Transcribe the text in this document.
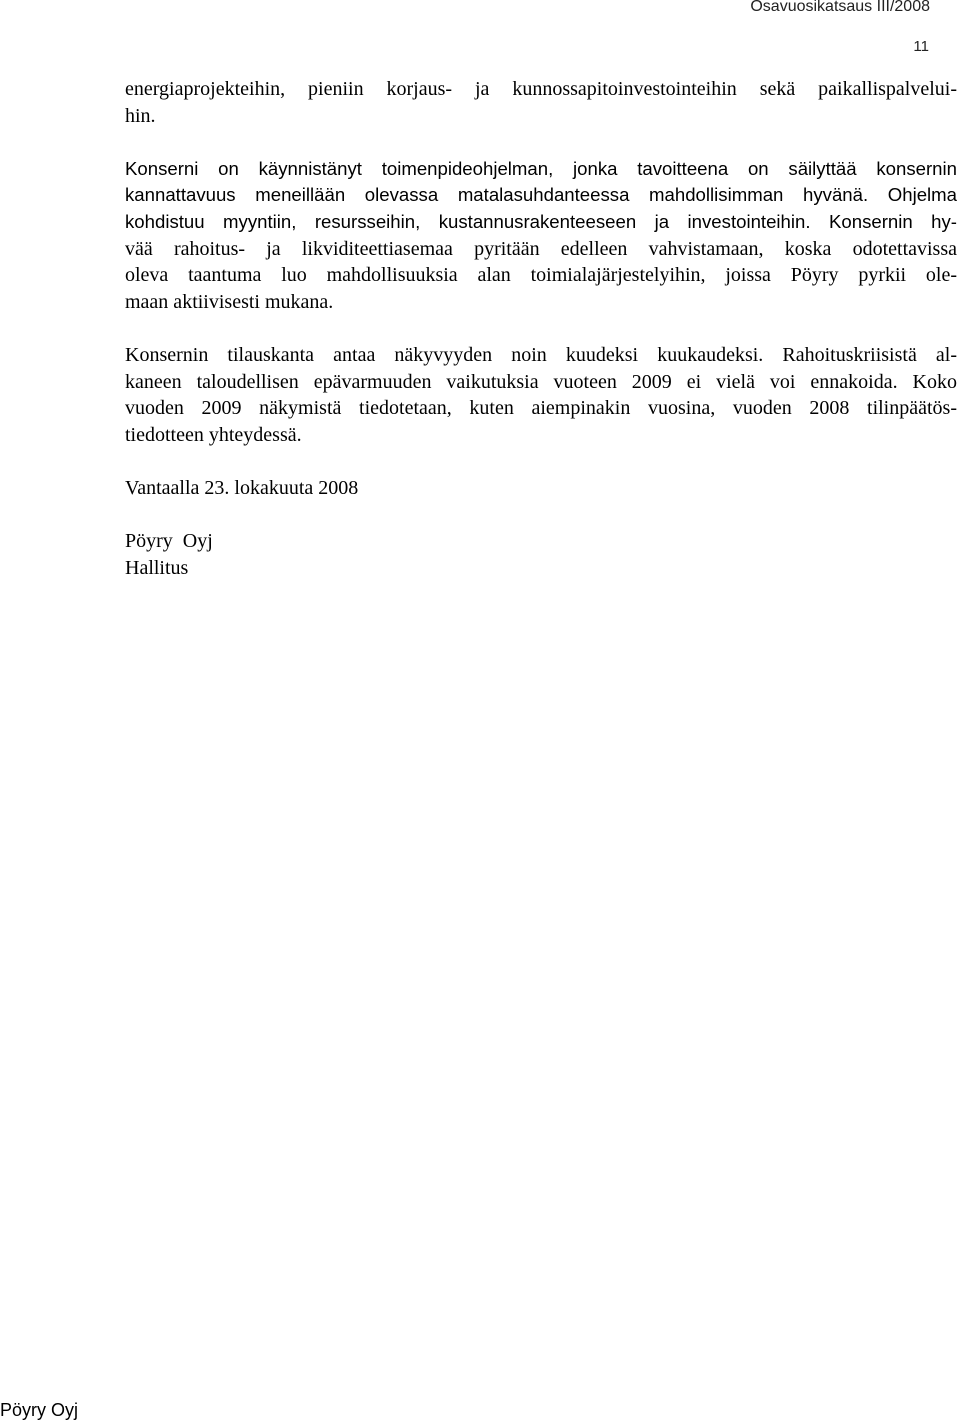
Osavuosikatsaus III/2008
11
energiaprojekteihin, pieniin korjaus- ja kunnossapitoinvestointeihin sekä paikallispalvelui-
hin.
Konserni on käynnistänyt toimenpideohjelman, jonka tavoitteena on säilyttää konsernin
kannattavuus meneillään olevassa matalasuhdanteessa mahdollisimman hyvänä. Ohjelma
kohdistuu myyntiin, resursseihin, kustannusrakenteeseen ja investointeihin. Konsernin hy-
vää rahoitus- ja likviditeettiasemaa pyritään edelleen vahvistamaan, koska odotettavissa
oleva taantuma luo mahdollisuuksia alan toimialajärjestelyihin, joissa Pöyry pyrkii ole-
maan aktiivisesti mukana.
Konsernin tilauskanta antaa näkyvyyden noin kuudeksi kuukaudeksi. Rahoituskriisistä al-
kaneen taloudellisen epävarmuuden vaikutuksia vuoteen 2009 ei vielä voi ennakoida. Koko
vuoden 2009 näkymistä tiedotetaan, kuten aiempinakin vuosina, vuoden 2008 tilinpäätös-
tiedotteen yhteydessä.
Vantaalla 23. lokakuuta 2008
Pöyry  Oyj
Hallitus
Pöyry Oyj
